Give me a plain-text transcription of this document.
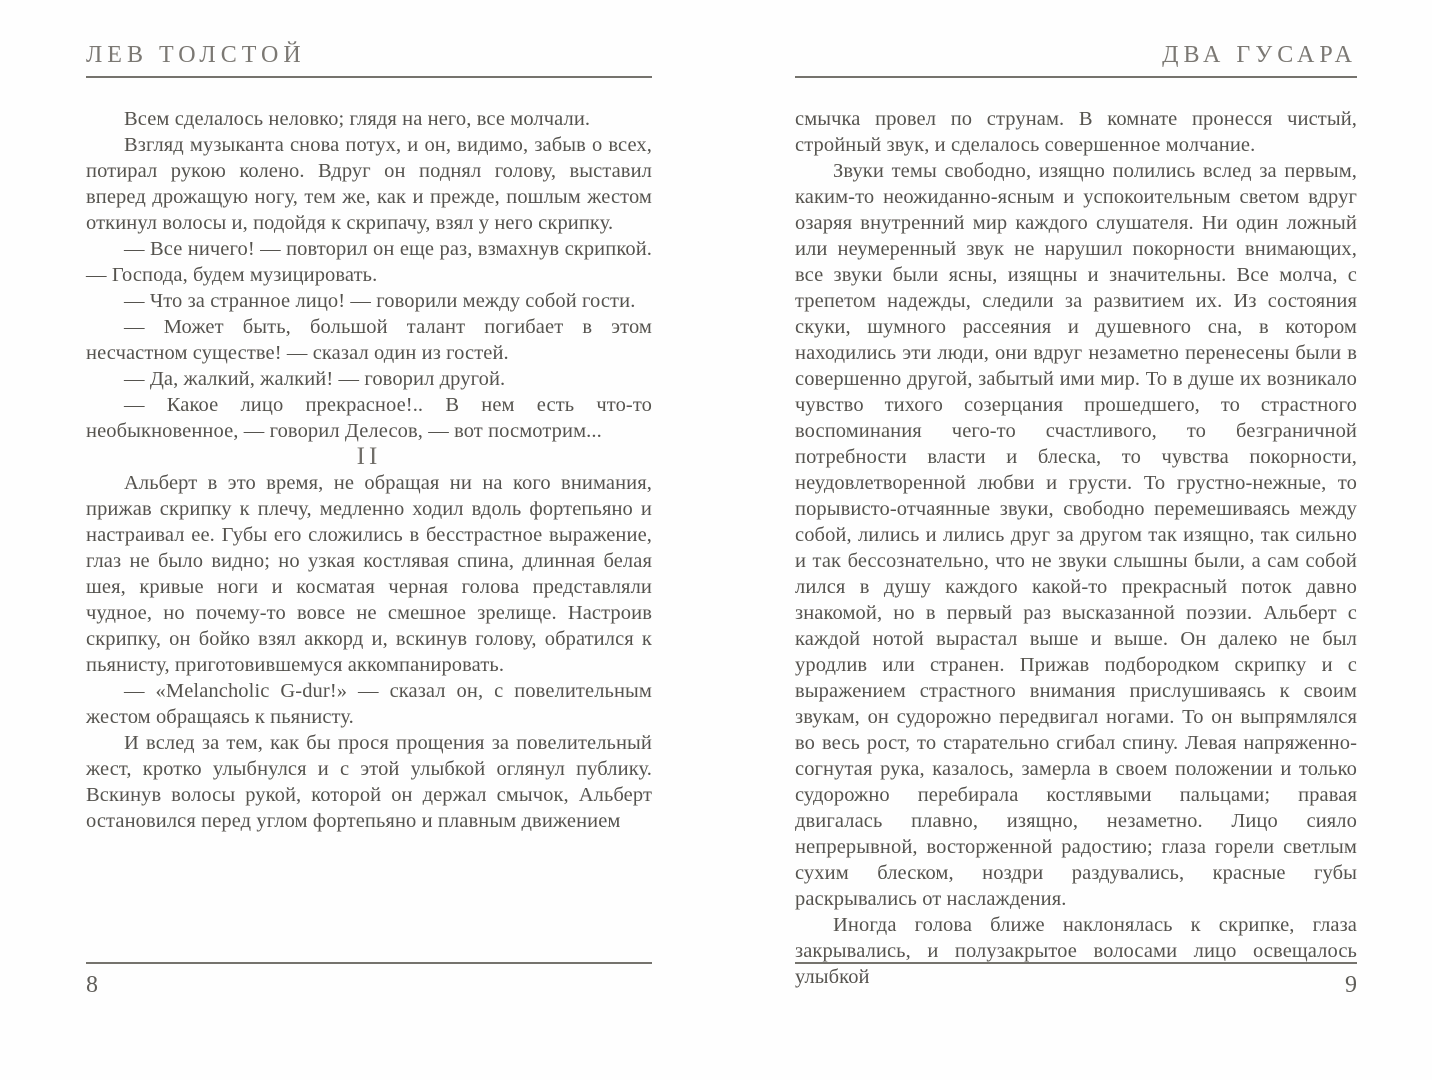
ЛЕВ ТОЛСТОЙ

Всем сделалось неловко; глядя на него, все молчали.

Взгляд музыканта снова потух, и он, видимо, забыв о всех, потирал рукою колено. Вдруг он поднял голову, выставил вперед дрожащую ногу, тем же, как и прежде, пошлым жестом откинул волосы и, подойдя к скрипачу, взял у него скрипку.

— Все ничего! — повторил он еще раз, взмахнув скрипкой. — Господа, будем музицировать.

— Что за странное лицо! — говорили между собой гости.

— Может быть, большой талант погибает в этом несчастном существе! — сказал один из гостей.

— Да, жалкий, жалкий! — говорил другой.

— Какое лицо прекрасное!.. В нем есть что-то необыкновенное, — говорил Делесов, — вот посмотрим...

II

Альберт в это время, не обращая ни на кого внимания, прижав скрипку к плечу, медленно ходил вдоль фортепьяно и настраивал ее. Губы его сложились в бесстрастное выражение, глаз не было видно; но узкая костлявая спина, длинная белая шея, кривые ноги и косматая черная голова представляли чудное, но почему-то вовсе не смешное зрелище. Настроив скрипку, он бойко взял аккорд и, вскинув голову, обратился к пьянисту, приготовившемуся аккомпанировать.

— «Melancholic G-dur!» — сказал он, с повелительным жестом обращаясь к пьянисту.

И вслед за тем, как бы прося прощения за повелительный жест, кротко улыбнулся и с этой улыбкой оглянул публику. Вскинув волосы рукой, которой он держал смычок, Альберт остановился перед углом фортепьяно и плавным движением

8
ДВА ГУСАРА

смычка провел по струнам. В комнате пронесся чистый, стройный звук, и сделалось совершенное молчание.

Звуки темы свободно, изящно полились вслед за первым, каким-то неожиданно-ясным и успокоительным светом вдруг озаряя внутренний мир каждого слушателя. Ни один ложный или неумеренный звук не нарушил покорности внимающих, все звуки были ясны, изящны и значительны. Все молча, с трепетом надежды, следили за развитием их. Из состояния скуки, шумного рассеяния и душевного сна, в котором находились эти люди, они вдруг незаметно перенесены были в совершенно другой, забытый ими мир. То в душе их возникало чувство тихого созерцания прошедшего, то страстного воспоминания чего-то счастливого, то безграничной потребности власти и блеска, то чувства покорности, неудовлетворенной любви и грусти. То грустно-нежные, то порывисто-отчаянные звуки, свободно перемешиваясь между собой, лились и лились друг за другом так изящно, так сильно и так бессознательно, что не звуки слышны были, а сам собой лился в душу каждого какой-то прекрасный поток давно знакомой, но в первый раз высказанной поэзии. Альберт с каждой нотой вырастал выше и выше. Он далеко не был уродлив или странен. Прижав подбородком скрипку и с выражением страстного внимания прислушиваясь к своим звукам, он судорожно передвигал ногами. То он выпрямлялся во весь рост, то старательно сгибал спину. Левая напряженно-согнутая рука, казалось, замерла в своем положении и только судорожно перебирала костлявыми пальцами; правая двигалась плавно, изящно, незаметно. Лицо сияло непрерывной, восторженной радостию; глаза горели светлым сухим блеском, ноздри раздувались, красные губы раскрывались от наслаждения.

Иногда голова ближе наклонялась к скрипке, глаза закрывались, и полузакрытое волосами лицо освещалось улыбкой	9
